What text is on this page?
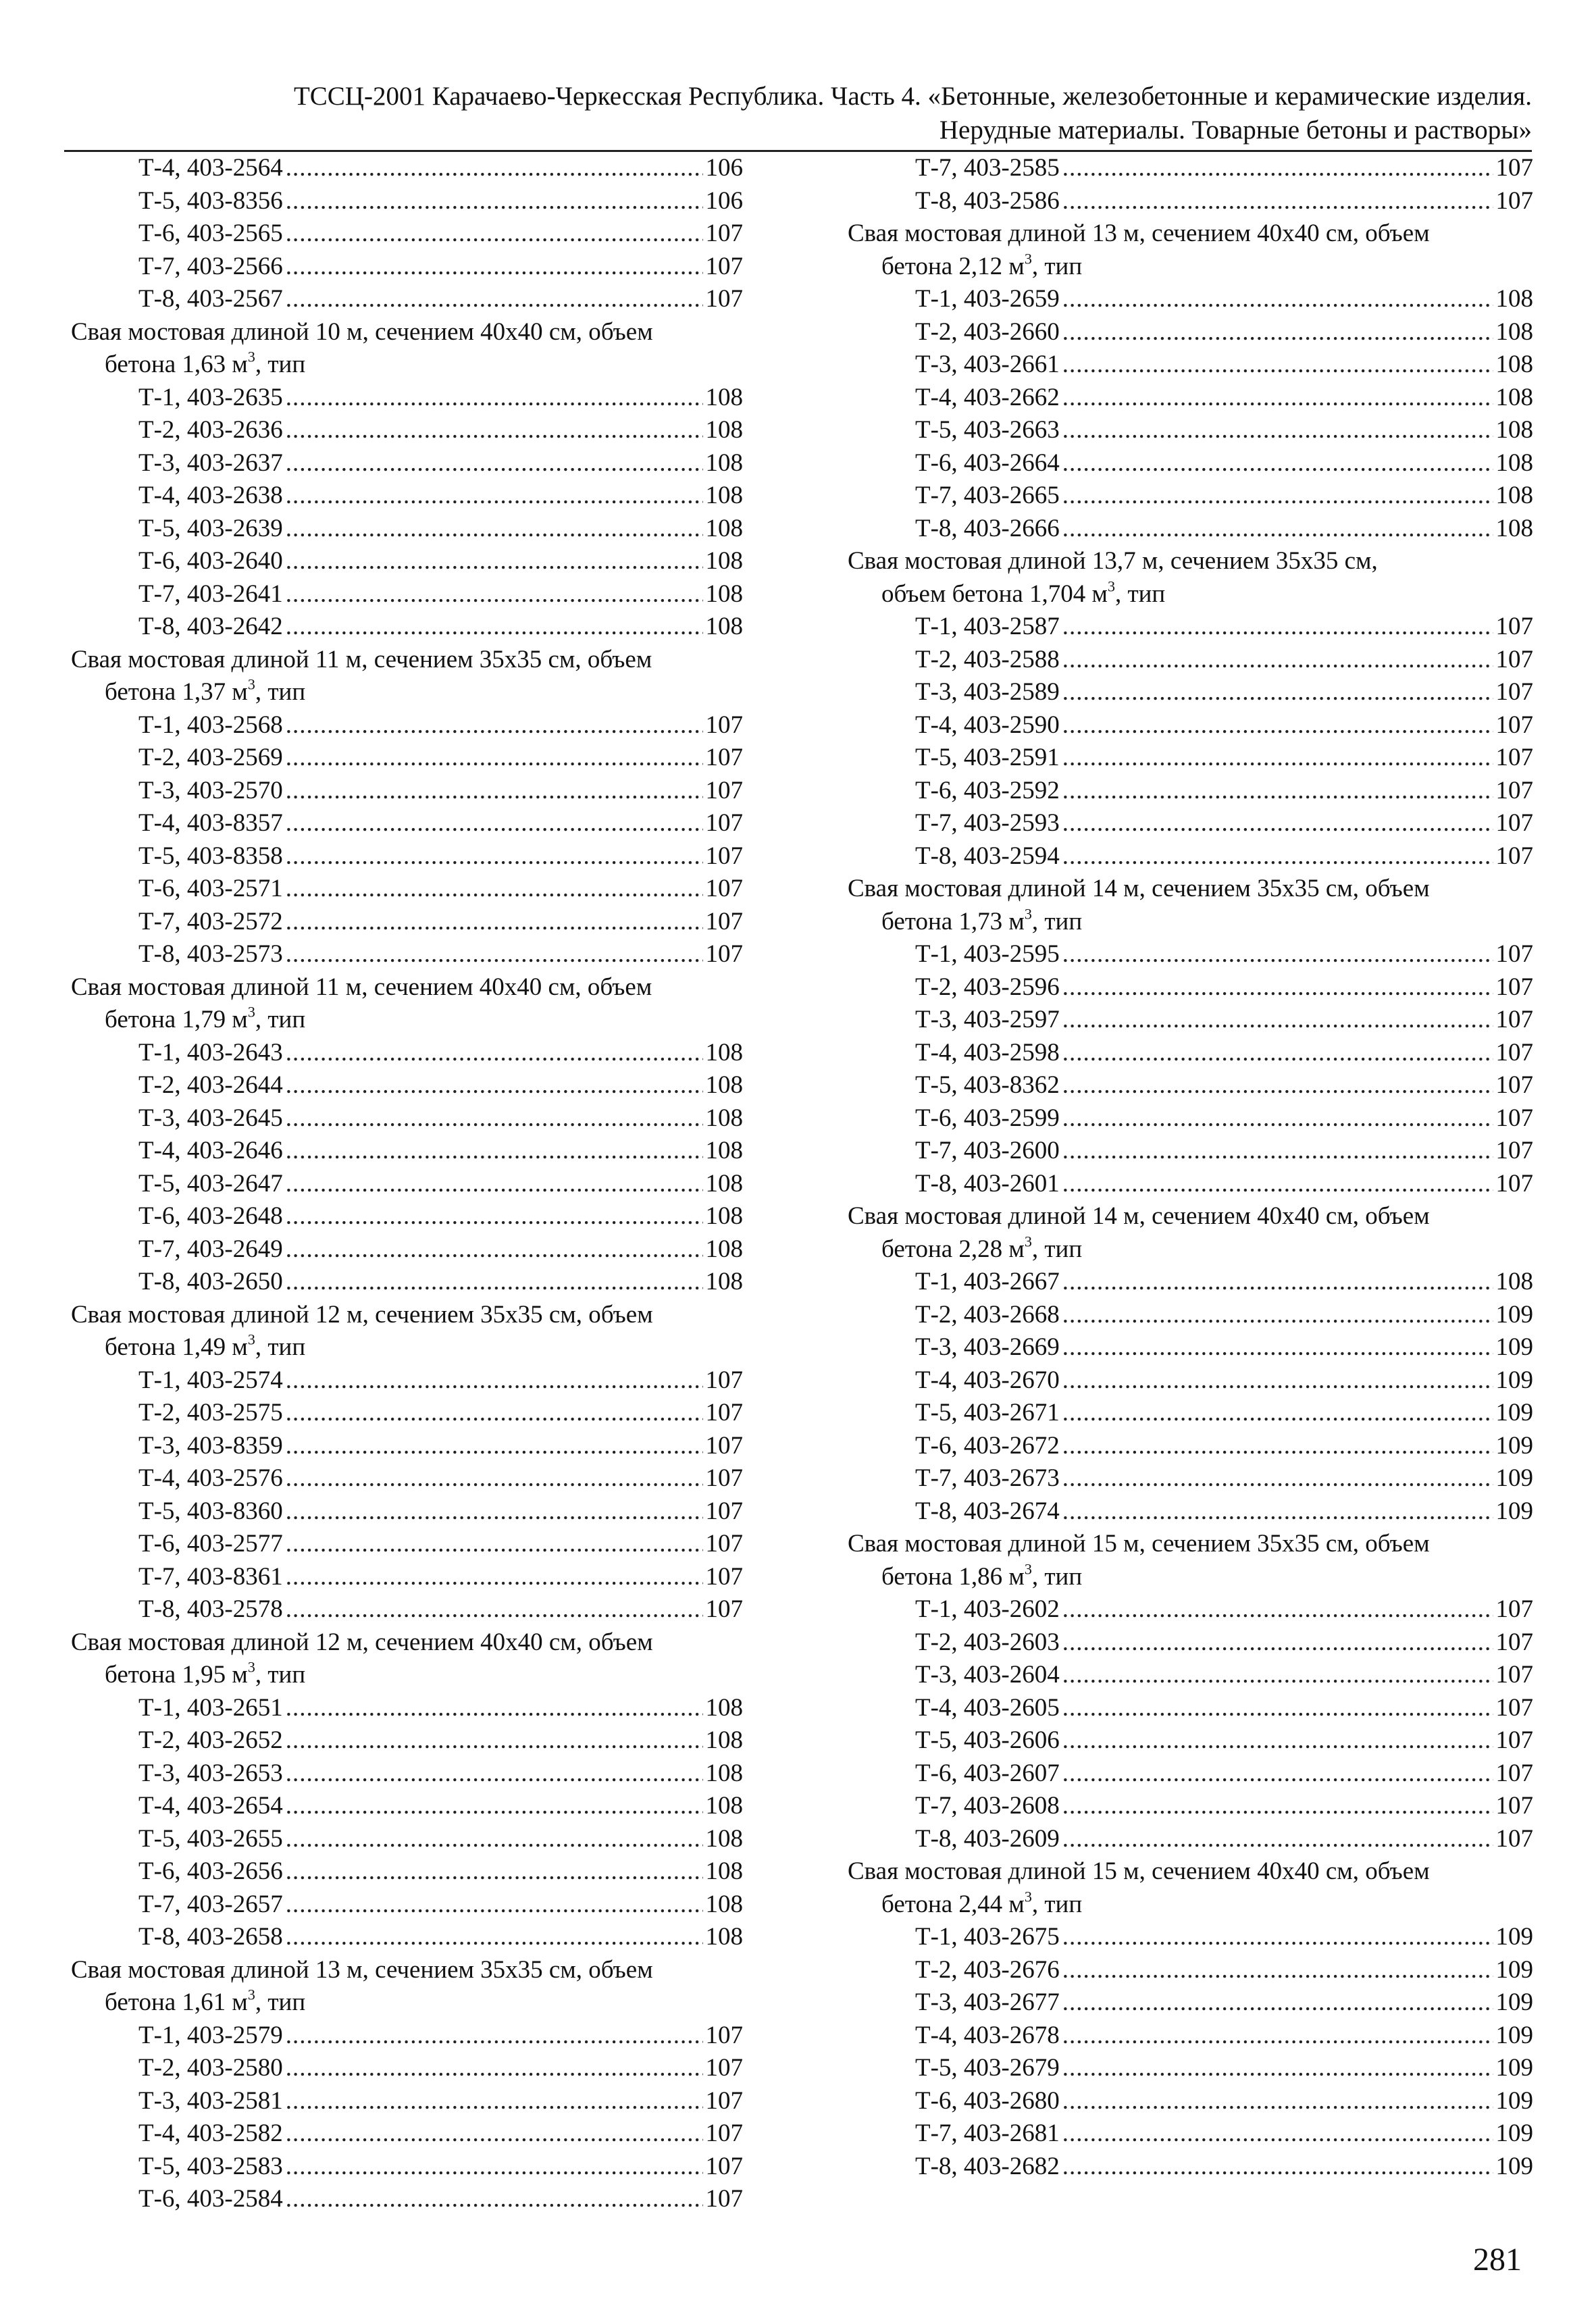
ТССЦ-2001 Карачаево-Черкесская Республика. Часть 4. «Бетонные, железобетонные и керамические изделия.
Нерудные материалы. Товарные бетоны и растворы»
Т-4, 403-2564 .....	106
Т-5, 403-8356 .....	106
Т-6, 403-2565 .....	107
Т-7, 403-2566 .....	107
Т-8, 403-2567 .....	107
Свая мостовая длиной 10 м, сечением 40х40 см, объем
бетона 1,63 $м^3$, тип
Т-1, 403-2635 .....	108
Т-2, 403-2636 .....	108
Т-3, 403-2637 .....	108
Т-4, 403-2638 .....	108
Т-5, 403-2639 .....	108
Т-6, 403-2640 .....	108
Т-7, 403-2641 .....	108
Т-8, 403-2642 .....	108
Свая мостовая длиной 11 м, сечением 35х35 см, объем
бетона 1,37 $м^3$, тип
Т-1, 403-2568 .....	107
Т-2, 403-2569 .....	107
Т-3, 403-2570 .....	107
Т-4, 403-8357 .....	107
Т-5, 403-8358 .....	107
Т-6, 403-2571 .....	107
Т-7, 403-2572 .....	107
Т-8, 403-2573 .....	107
Свая мостовая длиной 11 м, сечением 40х40 см, объем
бетона 1,79 $м^3$, тип
Т-1, 403-2643 .....	108
Т-2, 403-2644 .....	108
Т-3, 403-2645 .....	108
Т-4, 403-2646 .....	108
Т-5, 403-2647 .....	108
Т-6, 403-2648 .....	108
Т-7, 403-2649 .....	108
Т-8, 403-2650 .....	108
Свая мостовая длиной 12 м, сечением 35х35 см, объем
бетона 1,49 $м^3$, тип
Т-1, 403-2574 .....	107
Т-2, 403-2575 .....	107
Т-3, 403-8359 .....	107
Т-4, 403-2576 .....	107
Т-5, 403-8360 .....	107
Т-6, 403-2577 .....	107
Т-7, 403-8361 .....	107
Т-8, 403-2578 .....	107
Свая мостовая длиной 12 м, сечением 40х40 см, объем
бетона 1,95 $м^3$, тип
Т-1, 403-2651 .....	108
Т-2, 403-2652 .....	108
Т-3, 403-2653 .....	108
Т-4, 403-2654 .....	108
Т-5, 403-2655 .....	108
Т-6, 403-2656 .....	108
Т-7, 403-2657 .....	108
Т-8, 403-2658 .....	108
Свая мостовая длиной 13 м, сечением 35х35 см, объем
бетона 1,61 $м^3$, тип
Т-1, 403-2579 .....	107
Т-2, 403-2580 .....	107
Т-3, 403-2581 .....	107
Т-4, 403-2582 .....	107
Т-5, 403-2583 .....	107
Т-6, 403-2584 .....	107
Т-7, 403-2585 .....	107
Т-8, 403-2586 .....	107
Свая мостовая длиной 13 м, сечением 40х40 см, объем
бетона 2,12 $м^3$, тип
Т-1, 403-2659 .....	108
Т-2, 403-2660 .....	108
Т-3, 403-2661 .....	108
Т-4, 403-2662 .....	108
Т-5, 403-2663 .....	108
Т-6, 403-2664 .....	108
Т-7, 403-2665 .....	108
Т-8, 403-2666 .....	108
Свая мостовая длиной 13,7 м, сечением 35х35 см,
объем бетона 1,704 $м^3$, тип
Т-1, 403-2587 .....	107
Т-2, 403-2588 .....	107
Т-3, 403-2589 .....	107
Т-4, 403-2590 .....	107
Т-5, 403-2591 .....	107
Т-6, 403-2592 .....	107
Т-7, 403-2593 .....	107
Т-8, 403-2594 .....	107
Свая мостовая длиной 14 м, сечением 35х35 см, объем
бетона 1,73 $м^3$, тип
Т-1, 403-2595 .....	107
Т-2, 403-2596 .....	107
Т-3, 403-2597 .....	107
Т-4, 403-2598 .....	107
Т-5, 403-8362 .....	107
Т-6, 403-2599 .....	107
Т-7, 403-2600 .....	107
Т-8, 403-2601 .....	107
Свая мостовая длиной 14 м, сечением 40х40 см, объем
бетона 2,28 $м^3$, тип
Т-1, 403-2667 .....	108
Т-2, 403-2668 .....	109
Т-3, 403-2669 .....	109
Т-4, 403-2670 .....	109
Т-5, 403-2671 .....	109
Т-6, 403-2672 .....	109
Т-7, 403-2673 .....	109
Т-8, 403-2674 .....	109
Свая мостовая длиной 15 м, сечением 35х35 см, объем
бетона 1,86 $м^3$, тип
Т-1, 403-2602 .....	107
Т-2, 403-2603 .....	107
Т-3, 403-2604 .....	107
Т-4, 403-2605 .....	107
Т-5, 403-2606 .....	107
Т-6, 403-2607 .....	107
Т-7, 403-2608 .....	107
Т-8, 403-2609 .....	107
Свая мостовая длиной 15 м, сечением 40х40 см, объем
бетона 2,44 $м^3$, тип
Т-1, 403-2675 .....	109
Т-2, 403-2676 .....	109
Т-3, 403-2677 .....	109
Т-4, 403-2678 .....	109
Т-5, 403-2679 .....	109
Т-6, 403-2680 .....	109
Т-7, 403-2681 .....	109
Т-8, 403-2682 .....	109
281
